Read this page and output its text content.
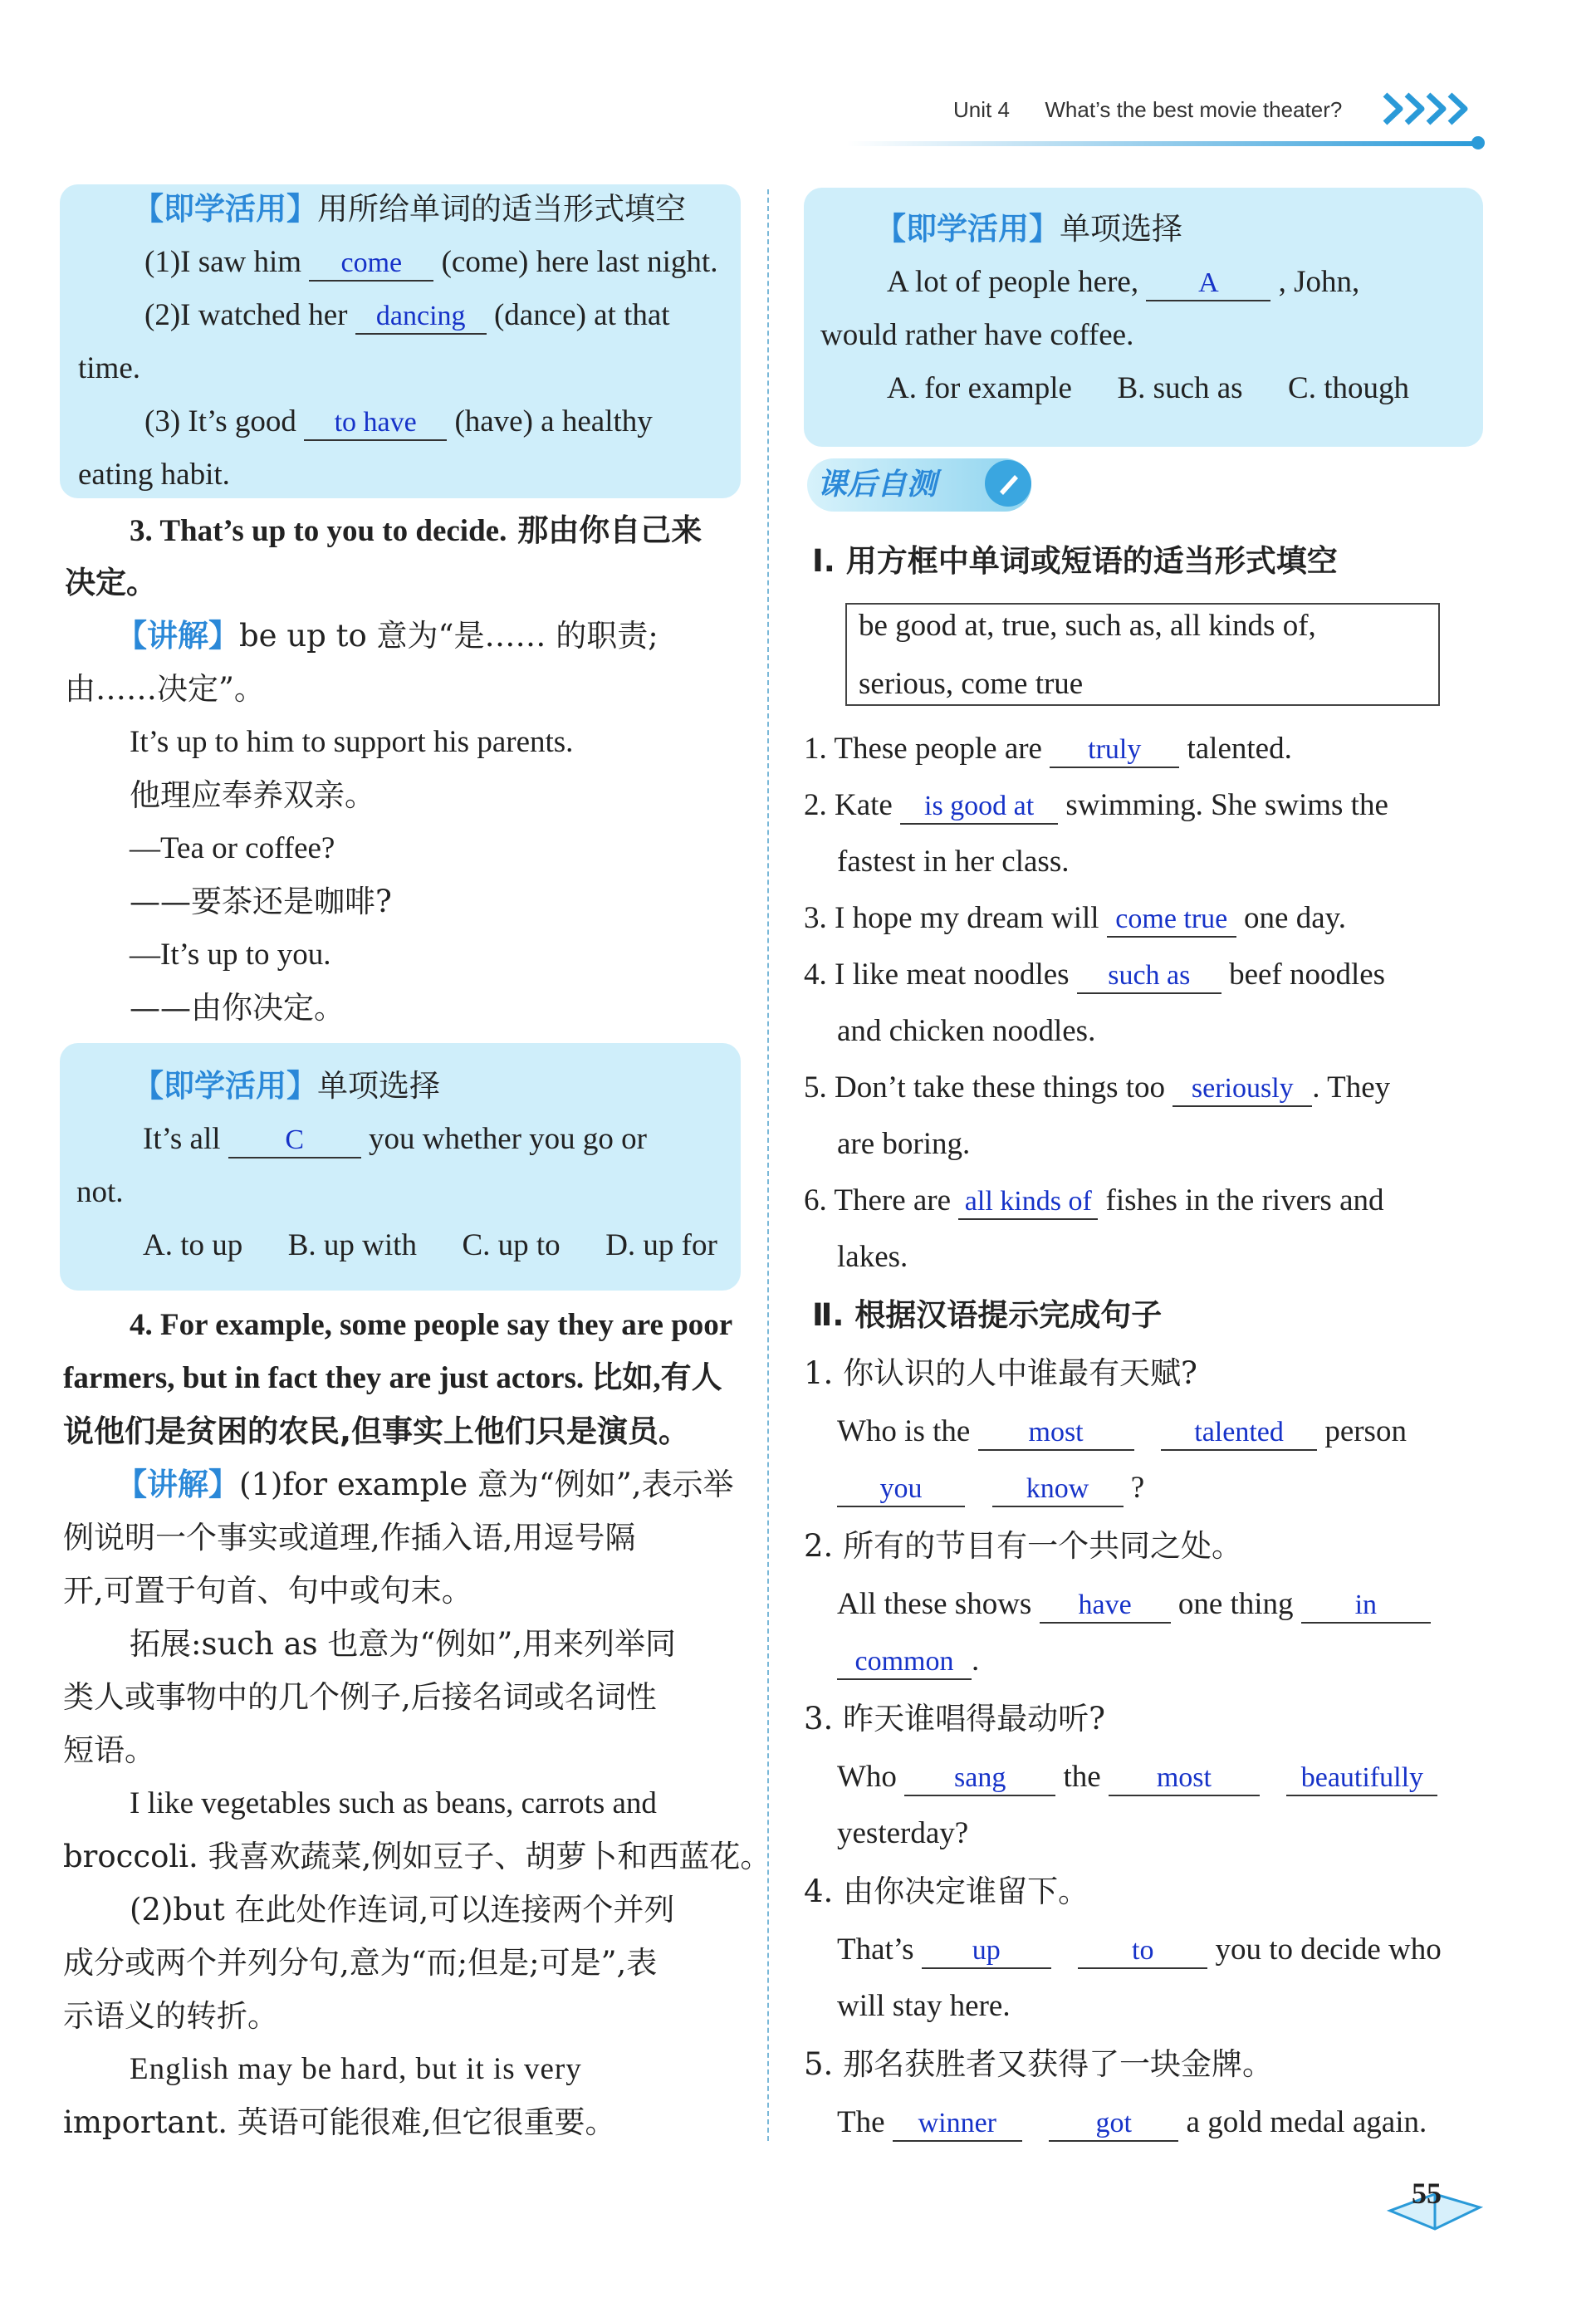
Unit 4 What’s the best movie theater?
【即学活用】用所给单词的适当形式填空
(1)I saw him come (come) here last night.
(2)I watched her dancing (dance) at that
time.
(3) It’s good to have (have) a healthy
eating habit.
3. That’s up to you to decide. 那由你自己来
决定。
【讲解】be up to 意为“是…… 的职责;
由……决定”。
It’s up to him to support his parents.
他理应奉养双亲。
—Tea or coffee?
——要茶还是咖啡?
—It’s up to you.
——由你决定。
【即学活用】单项选择
It’s all C you whether you go or
not.
A. to up B. up with C. up to D. up for
4. For example, some people say they are poor
farmers, but in fact they are just actors. 比如,有人
说他们是贫困的农民,但事实上他们只是演员。
【讲解】(1)for example 意为“例如”,表示举
例说明一个事实或道理,作插入语,用逗号隔
开,可置于句首、句中或句末。
拓展:such as 也意为“例如”,用来列举同
类人或事物中的几个例子,后接名词或名词性
短语。
I like vegetables such as beans, carrots and
broccoli. 我喜欢蔬菜,例如豆子、胡萝卜和西蓝花。
(2)but 在此处作连词,可以连接两个并列
成分或两个并列分句,意为“而;但是;可是”,表
示语义的转折。
English may be hard, but it is very
important. 英语可能很难,但它很重要。
【即学活用】单项选择
A lot of people here, A , John,
would rather have coffee.
A. for example B. such as C. though
课后自测
Ⅰ. 用方框中单词或短语的适当形式填空
be good at, true, such as, all kinds of,
serious, come true
1. These people are truly talented.
2. Kate is good at swimming. She swims the
fastest in her class.
3. I hope my dream will come true one day.
4. I like meat noodles such as beef noodles
and chicken noodles.
5. Don’t take these things too seriously . They
are boring.
6. There are all kinds of fishes in the rivers and
lakes.
Ⅱ. 根据汉语提示完成句子
1. 你认识的人中谁最有天赋?
Who is the most	talented person
you	know ?
2. 所有的节目有一个共同之处。
All these shows have one thing in
common .
3. 昨天谁唱得最动听?
Who sang the most	beautifully
yesterday?
4. 由你决定谁留下。
That’s up	to you to decide who
will stay here.
5. 那名获胜者又获得了一块金牌。
The winner	got a gold medal again.
55
